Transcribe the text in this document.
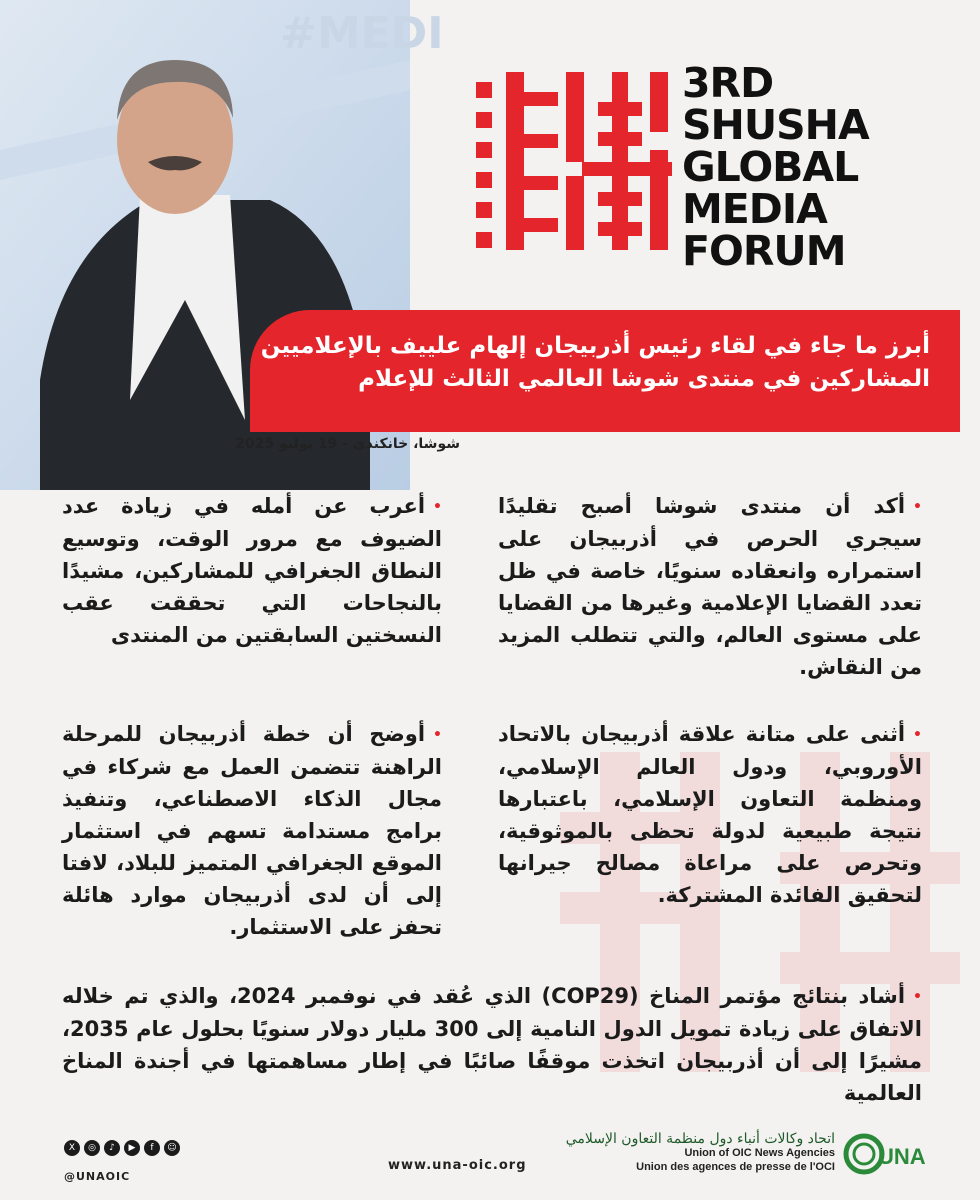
#MEDI
3RD
SHUSHA
GLOBAL
MEDIA
FORUM
أبرز ما جاء في لقاء رئيس أذربيجان إلهام علييف بالإعلاميين
المشاركين في منتدى شوشا العالمي الثالث للإعلام
شوشا، خانكندي - 19 يوليو 2025
•أكد أن منتدى شوشا أصبح تقليدًا سيجري الحرص في أذربيجان على استمراره وانعقاده سنويًا، خاصة في ظل تعدد القضايا الإعلامية وغيرها من القضايا على مستوى العالم، والتي تتطلب المزيد من النقاش.
•أعرب عن أمله في زيادة عدد الضيوف مع مرور الوقت، وتوسيع النطاق الجغرافي للمشاركين، مشيدًا بالنجاحات التي تحققت عقب النسختين السابقتين من المنتدى
•أثنى على متانة علاقة أذربيجان بالاتحاد الأوروبي، ودول العالم الإسلامي، ومنظمة التعاون الإسلامي، باعتبارها نتيجة طبيعية لدولة تحظى بالموثوقية، وتحرص على مراعاة مصالح جيرانها لتحقيق الفائدة المشتركة.
•أوضح أن خطة أذربيجان للمرحلة الراهنة تتضمن العمل مع شركاء في مجال الذكاء الاصطناعي، وتنفيذ برامج مستدامة تسهم في استثمار الموقع الجغرافي المتميز للبلاد، لافتا إلى أن لدى أذربيجان موارد هائلة تحفز على الاستثمار.
•أشاد بنتائج مؤتمر المناخ (COP29) الذي عُقد في نوفمبر 2024، والذي تم خلاله الاتفاق على زيادة تمويل الدول النامية إلى 300 مليار دولار سنويًا بحلول عام 2035، مشيرًا إلى أن أذربيجان اتخذت موقفًا صائبًا في إطار مساهمتها في أجندة المناخ العالمية
X	◎	♪	▶	f	☺
@UNAOIC
www.una-oic.org
اتحاد وكالات أنباء دول منظمة التعاون الإسلامي
Union of OIC News Agencies
Union des agences de presse de l'OCI UNA
